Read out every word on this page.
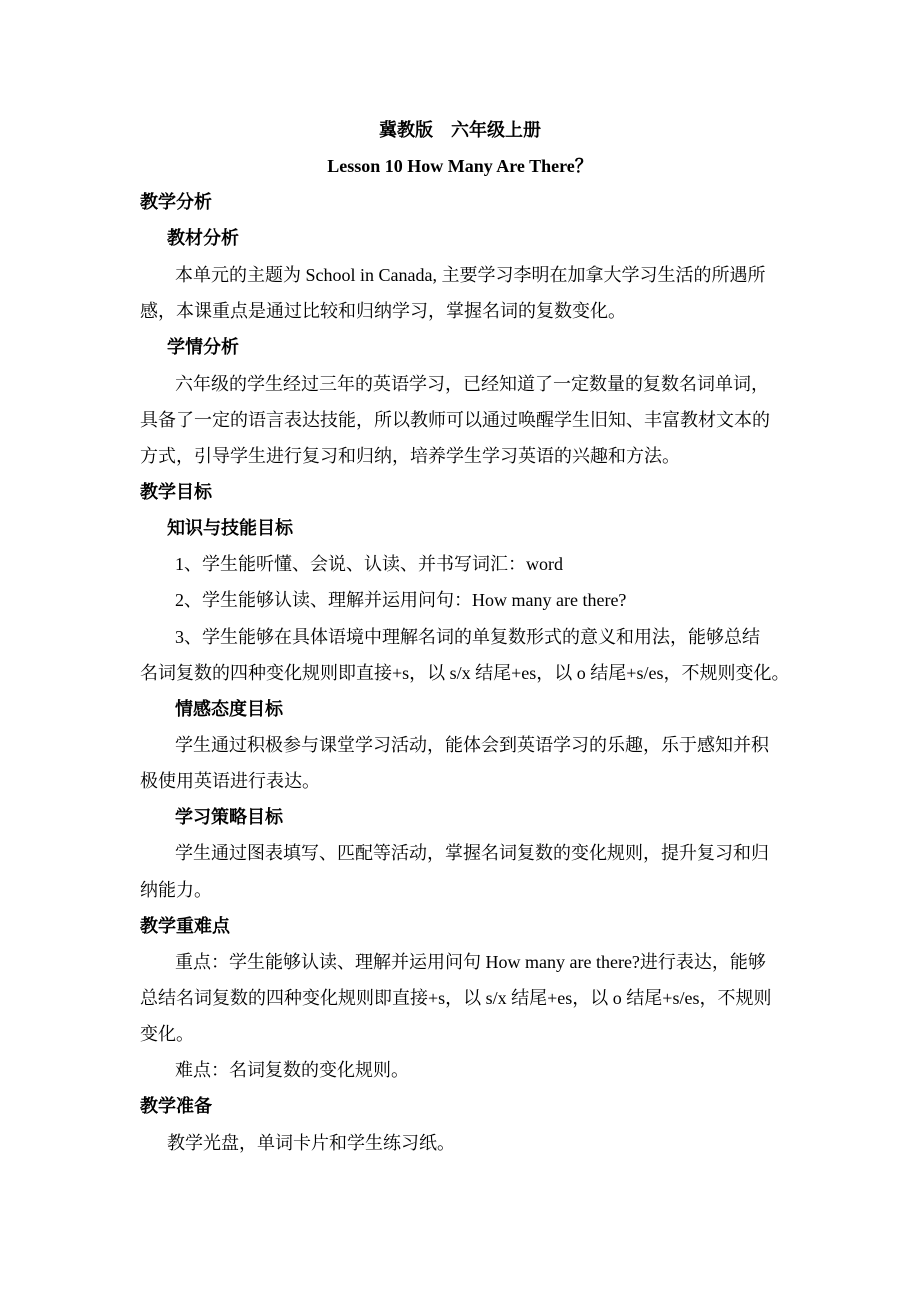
冀教版　六年级上册
Lesson 10 How Many Are There？
教学分析
教材分析
本单元的主题为 School in Canada, 主要学习李明在加拿大学习生活的所遇所
感，本课重点是通过比较和归纳学习，掌握名词的复数变化。
学情分析
六年级的学生经过三年的英语学习，已经知道了一定数量的复数名词单词，
具备了一定的语言表达技能，所以教师可以通过唤醒学生旧知、丰富教材文本的
方式，引导学生进行复习和归纳，培养学生学习英语的兴趣和方法。
教学目标
知识与技能目标
1、学生能听懂、会说、认读、并书写词汇：word
2、学生能够认读、理解并运用问句：How many are there?
3、学生能够在具体语境中理解名词的单复数形式的意义和用法，能够总结
名词复数的四种变化规则即直接+s，以 s/x 结尾+es，以 o 结尾+s/es，不规则变化。
情感态度目标
学生通过积极参与课堂学习活动，能体会到英语学习的乐趣，乐于感知并积
极使用英语进行表达。
学习策略目标
学生通过图表填写、匹配等活动，掌握名词复数的变化规则，提升复习和归
纳能力。
教学重难点
重点：学生能够认读、理解并运用问句 How many are there?进行表达，能够
总结名词复数的四种变化规则即直接+s，以 s/x 结尾+es，以 o 结尾+s/es，不规则
变化。
难点：名词复数的变化规则。
教学准备
教学光盘，单词卡片和学生练习纸。
